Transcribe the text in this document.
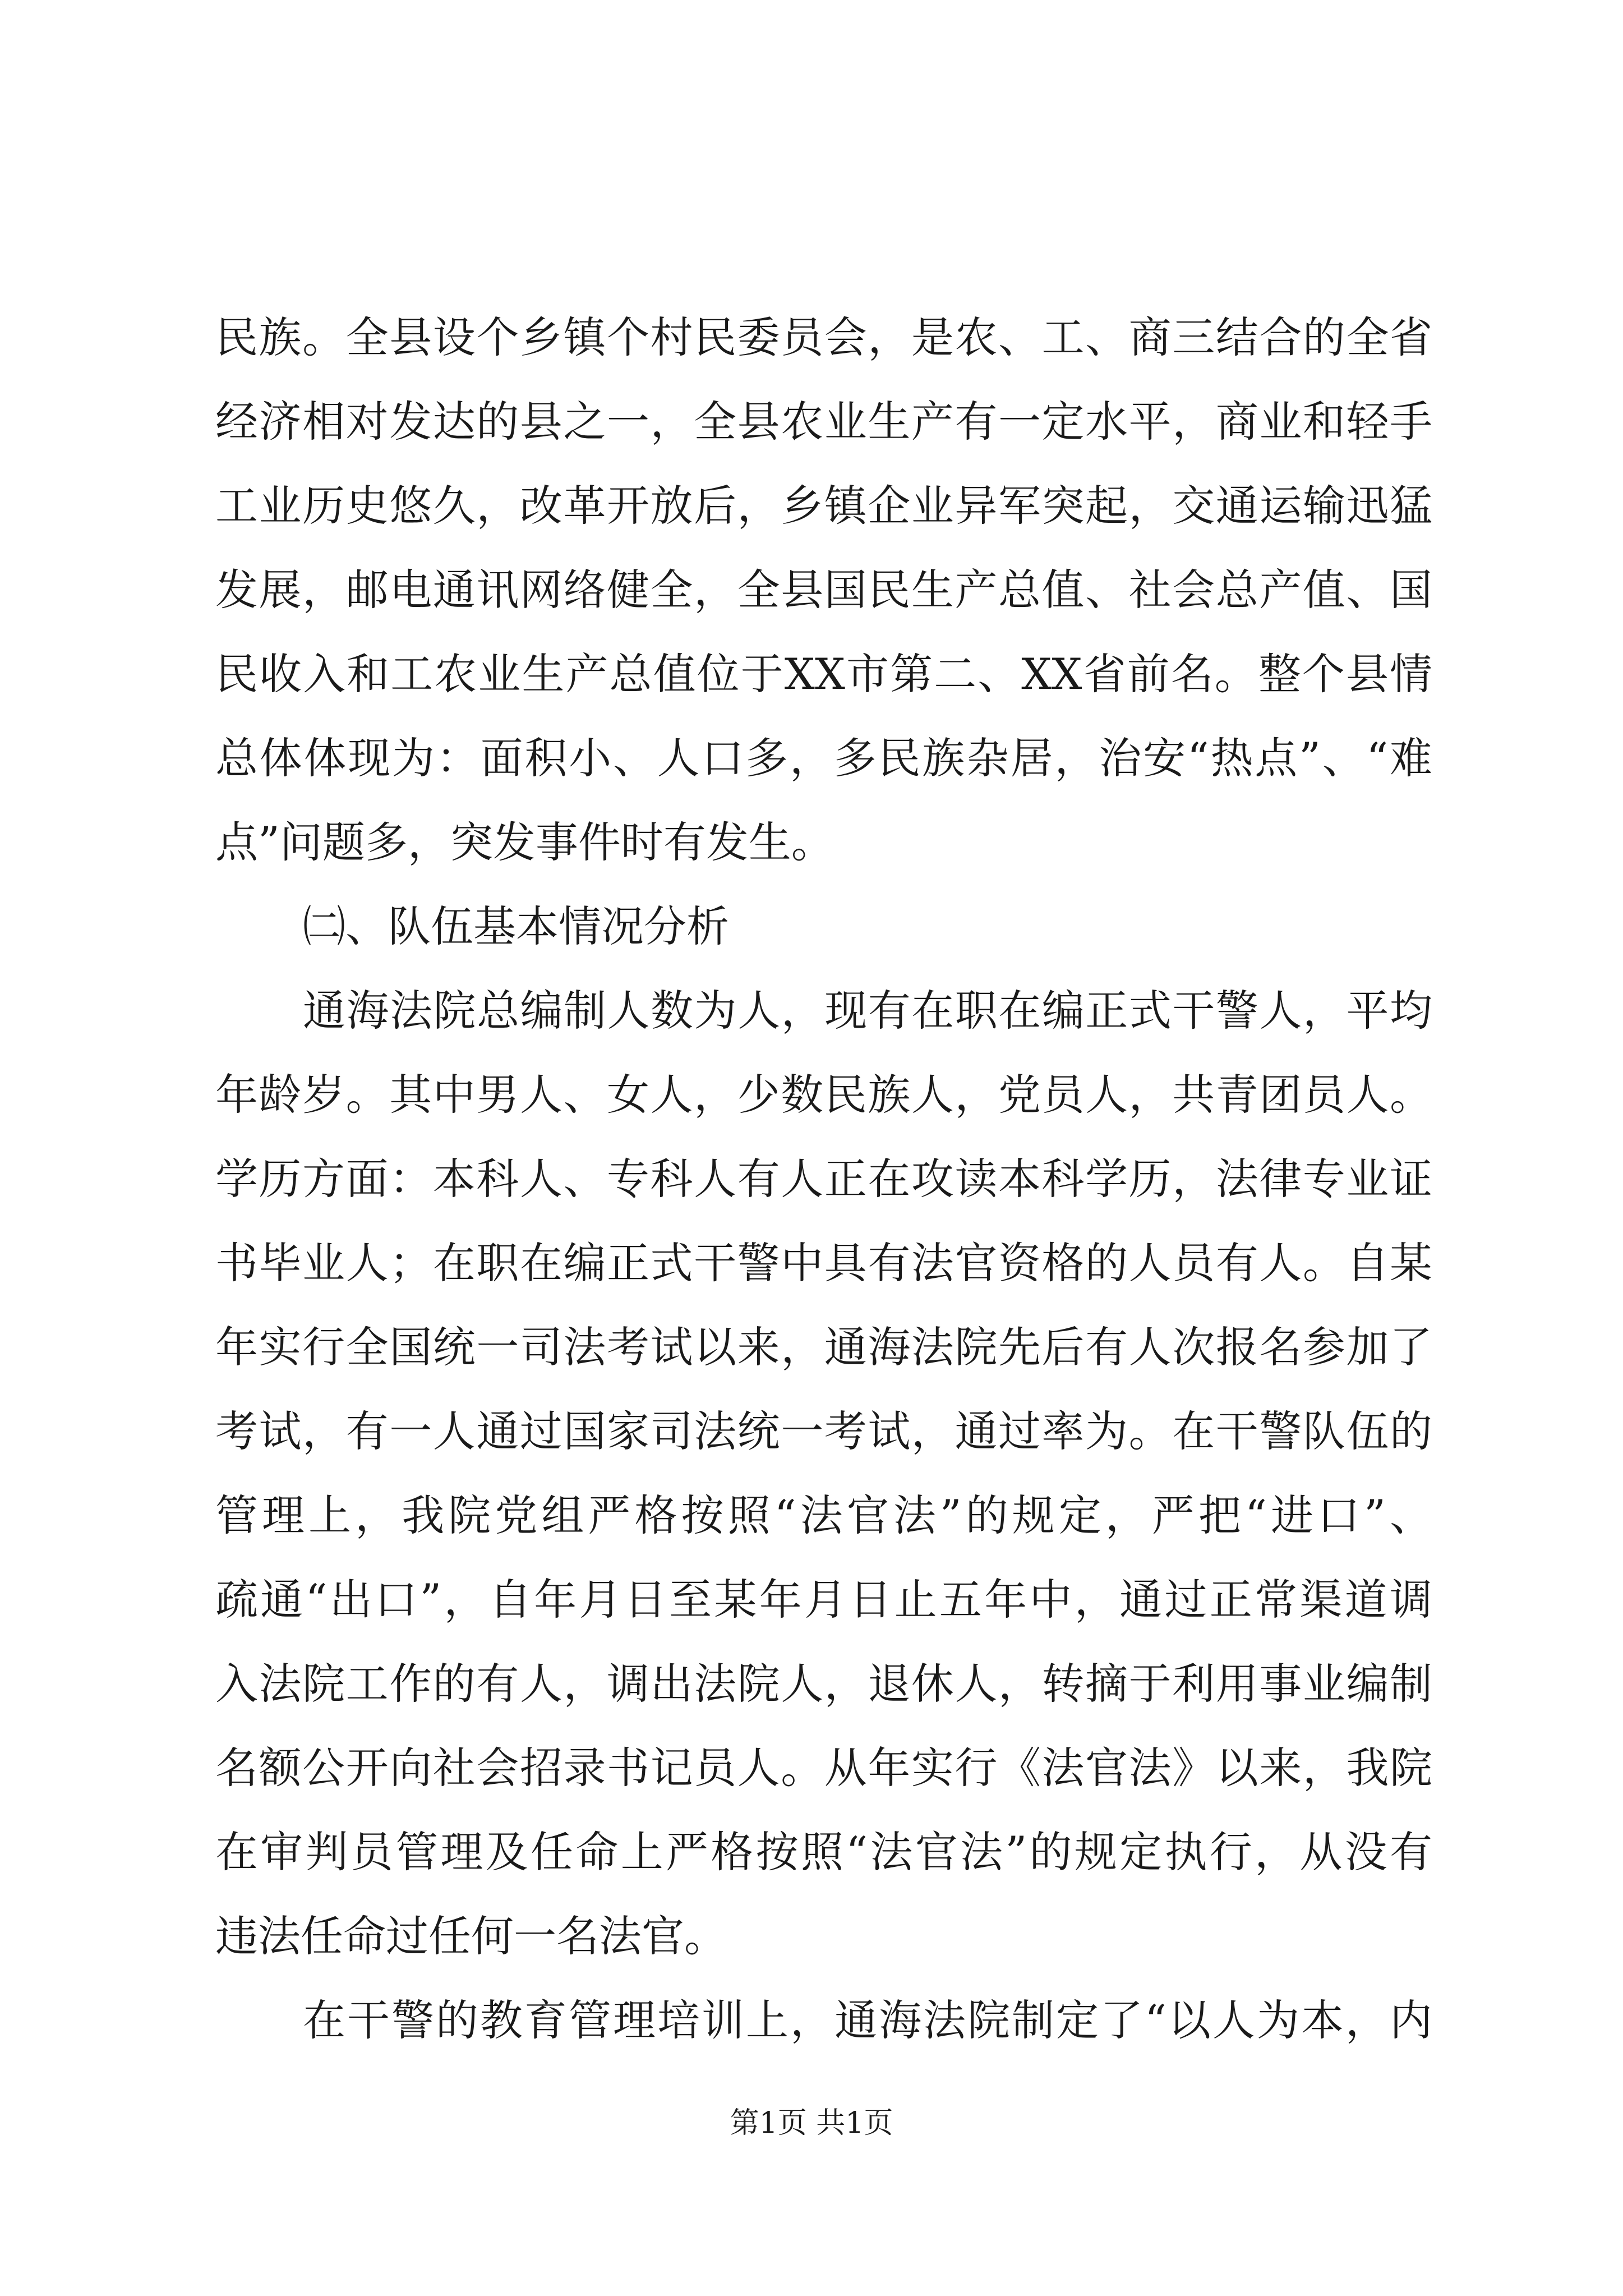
民族。全县设个乡镇个村民委员会，是农、工、商三结合的全省
经济相对发达的县之一，全县农业生产有一定水平，商业和轻手
工业历史悠久，改革开放后，乡镇企业异军突起，交通运输迅猛
发展，邮电通讯网络健全，全县国民生产总值、社会总产值、国
民收入和工农业生产总值位于XX市第二、XX省前名。整个县情
总体体现为：面积小、人口多，多民族杂居，治安“热点”、“难
点”问题多，突发事件时有发生。
㈡、队伍基本情况分析
通海法院总编制人数为人，现有在职在编正式干警人，平均
年龄岁。其中男人、女人，少数民族人，党员人，共青团员人。
学历方面：本科人、专科人有人正在攻读本科学历，法律专业证
书毕业人；在职在编正式干警中具有法官资格的人员有人。自某
年实行全国统一司法考试以来，通海法院先后有人次报名参加了
考试，有一人通过国家司法统一考试，通过率为。在干警队伍的
管理上，我院党组严格按照“法官法”的规定，严把“进口”、
疏通“出口”，自年月日至某年月日止五年中，通过正常渠道调
入法院工作的有人，调出法院人，退休人，转摘于利用事业编制
名额公开向社会招录书记员人。从年实行《法官法》以来，我院
在审判员管理及任命上严格按照“法官法”的规定执行，从没有
违法任命过任何一名法官。
在干警的教育管理培训上，通海法院制定了“以人为本，内
第1页 共1页
